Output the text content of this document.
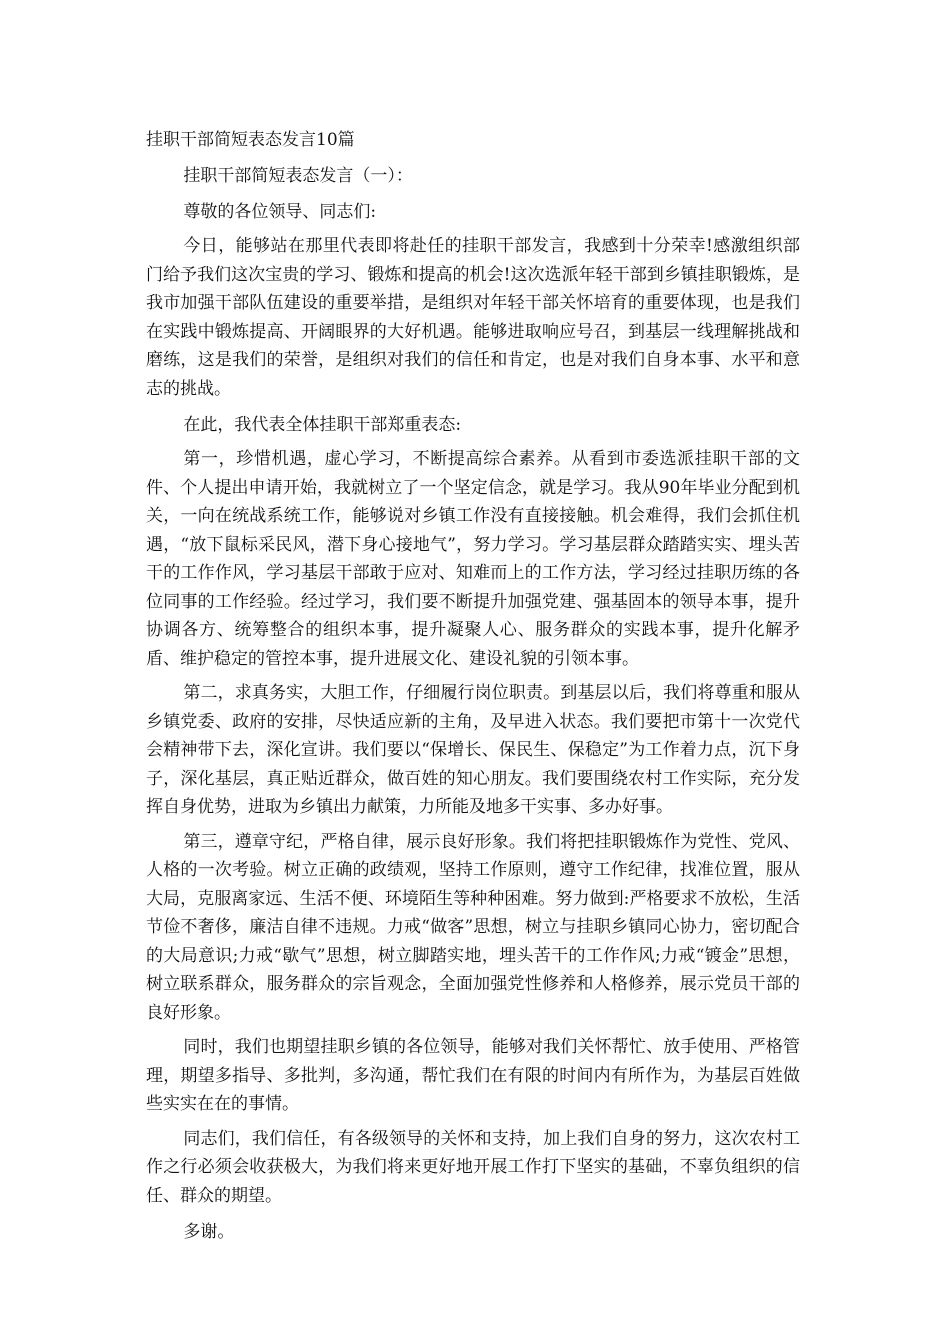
挂职干部简短表态发言10篇

挂职干部简短表态发言（一）：

尊敬的各位领导、同志们:

今日，能够站在那里代表即将赴任的挂职干部发言，我感到十分荣幸!感激组织部门给予我们这次宝贵的学习、锻炼和提高的机会!这次选派年轻干部到乡镇挂职锻炼，是我市加强干部队伍建设的重要举措，是组织对年轻干部关怀培育的重要体现，也是我们在实践中锻炼提高、开阔眼界的大好机遇。能够进取响应号召，到基层一线理解挑战和磨练，这是我们的荣誉，是组织对我们的信任和肯定，也是对我们自身本事、水平和意志的挑战。

在此，我代表全体挂职干部郑重表态:

第一，珍惜机遇，虚心学习，不断提高综合素养。从看到市委选派挂职干部的文件、个人提出申请开始，我就树立了一个坚定信念，就是学习。我从90年毕业分配到机关，一向在统战系统工作，能够说对乡镇工作没有直接接触。机会难得，我们会抓住机遇，“放下鼠标采民风，潜下身心接地气”，努力学习。学习基层群众踏踏实实、埋头苦干的工作作风，学习基层干部敢于应对、知难而上的工作方法，学习经过挂职历练的各位同事的工作经验。经过学习，我们要不断提升加强党建、强基固本的领导本事，提升协调各方、统筹整合的组织本事，提升凝聚人心、服务群众的实践本事，提升化解矛盾、维护稳定的管控本事，提升进展文化、建设礼貌的引领本事。

第二，求真务实，大胆工作，仔细履行岗位职责。到基层以后，我们将尊重和服从乡镇党委、政府的安排，尽快适应新的主角，及早进入状态。我们要把市第十一次党代会精神带下去，深化宣讲。我们要以“保增长、保民生、保稳定”为工作着力点，沉下身子，深化基层，真正贴近群众，做百姓的知心朋友。我们要围绕农村工作实际，充分发挥自身优势，进取为乡镇出力献策，力所能及地多干实事、多办好事。

第三，遵章守纪，严格自律，展示良好形象。我们将把挂职锻炼作为党性、党风、人格的一次考验。树立正确的政绩观，坚持工作原则，遵守工作纪律，找准位置，服从大局，克服离家远、生活不便、环境陌生等种种困难。努力做到:严格要求不放松，生活节俭不奢侈，廉洁自律不违规。力戒“做客”思想，树立与挂职乡镇同心协力，密切配合的大局意识;力戒“歇气”思想，树立脚踏实地，埋头苦干的工作作风;力戒“镀金”思想，树立联系群众，服务群众的宗旨观念，全面加强党性修养和人格修养，展示党员干部的良好形象。

同时，我们也期望挂职乡镇的各位领导，能够对我们关怀帮忙、放手使用、严格管理，期望多指导、多批判，多沟通，帮忙我们在有限的时间内有所作为，为基层百姓做些实实在在的事情。

同志们，我们信任，有各级领导的关怀和支持，加上我们自身的努力，这次农村工作之行必须会收获极大，为我们将来更好地开展工作打下坚实的基础，不辜负组织的信任、群众的期望。

多谢。
